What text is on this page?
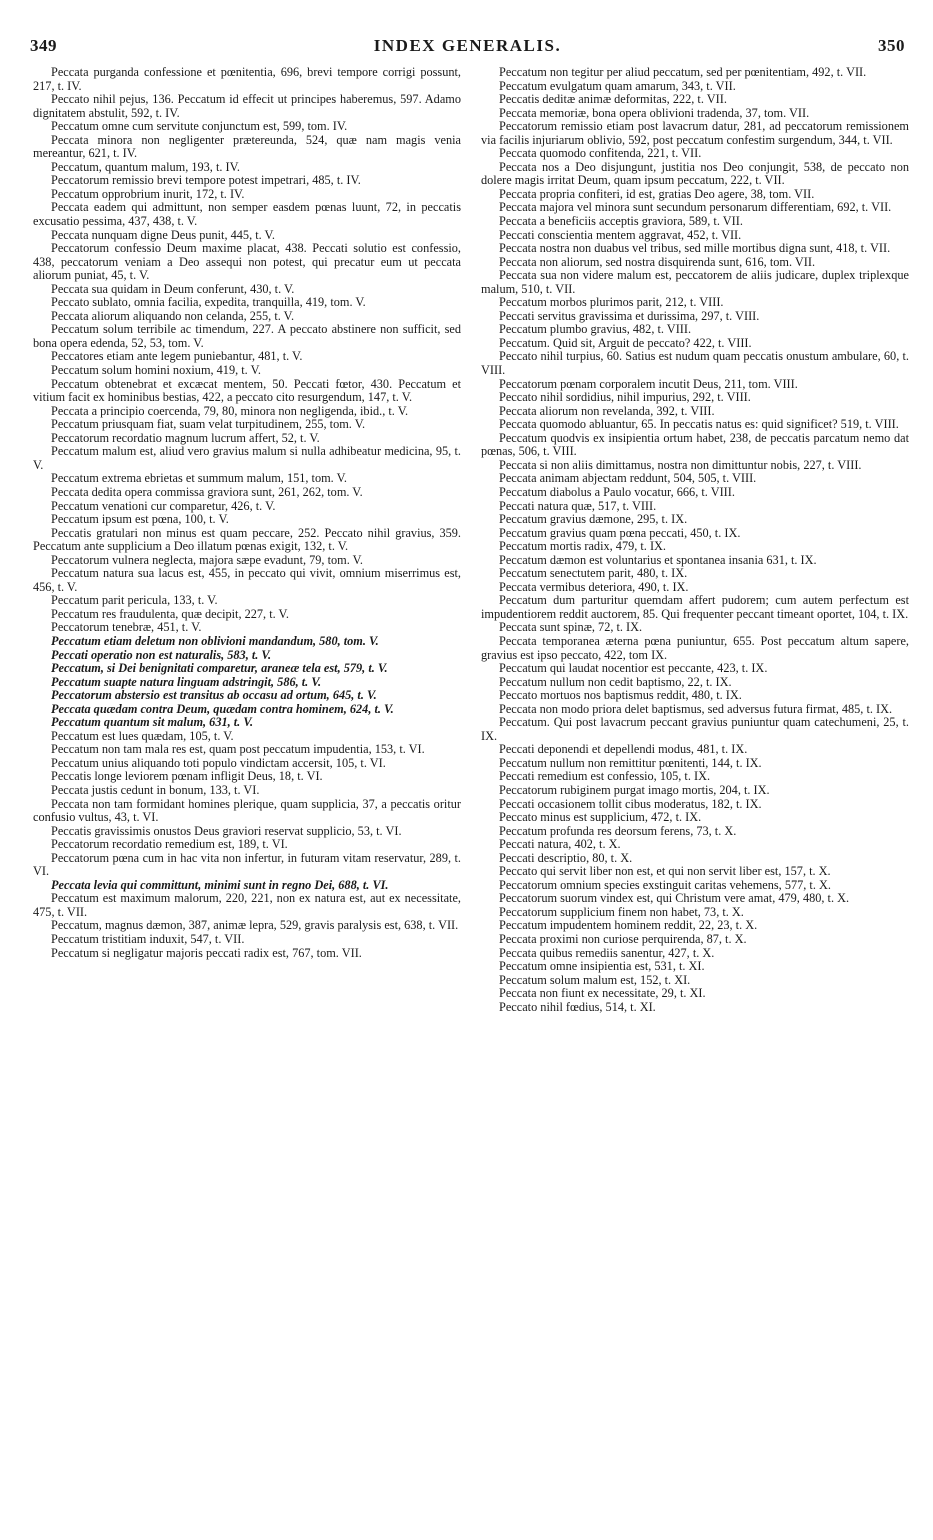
349	INDEX GENERALIS.	350

Peccata purganda confessione et pœnitentia, 696, brevi tempore corrigi possunt, 217, t. IV.

Peccato nihil pejus, 136. Peccatum id effecit ut principes haberemus, 597. Adamo dignitatem abstulit, 592, t. IV.

Peccatum omne cum servitute conjunctum est, 599, tom. IV.

Peccata minora non negligenter prætereunda, 524, quæ nam magis venia mereantur, 621, t. IV.

Peccatum, quantum malum, 193, t. IV.

Peccatorum remissio brevi tempore potest impetrari, 485, t. IV.

Peccatum opprobrium inurit, 172, t. IV.

Peccata eadem qui admittunt, non semper easdem pœnas luunt, 72, in peccatis excusatio pessima, 437, 438, t. V.

Peccata nunquam digne Deus punit, 445, t. V.

Peccatorum confessio Deum maxime placat, 438. Peccati solutio est confessio, 438, peccatorum veniam a Deo assequi non potest, qui precatur eum ut peccata aliorum puniat, 45, t. V.

Peccata sua quidam in Deum conferunt, 430, t. V.

Peccato sublato, omnia facilia, expedita, tranquilla, 419, tom. V.

Peccata aliorum aliquando non celanda, 255, t. V.

Peccatum solum terribile ac timendum, 227. A peccato abstinere non sufficit, sed bona opera edenda, 52, 53, tom. V.

Peccatores etiam ante legem puniebantur, 481, t. V.

Peccatum solum homini noxium, 419, t. V.

Peccatum obtenebrat et excæcat mentem, 50. Peccati fœtor, 430. Peccatum et vitium facit ex hominibus bestias, 422, a peccato cito resurgendum, 147, t. V.

Peccata a principio coercenda, 79, 80, minora non negligenda, ibid., t. V.

Peccatum priusquam fiat, suam velat turpitudinem, 255, tom. V.

Peccatorum recordatio magnum lucrum affert, 52, t. V.

Peccatum malum est, aliud vero gravius malum si nulla adhibeatur medicina, 95, t. V.

Peccatum extrema ebrietas et summum malum, 151, tom. V.

Peccata dedita opera commissa graviora sunt, 261, 262, tom. V.

Peccatum venationi cur comparetur, 426, t. V.

Peccatum ipsum est pœna, 100, t. V.

Peccatis gratulari non minus est quam peccare, 252. Peccato nihil gravius, 359. Peccatum ante supplicium a Deo illatum pœnas exigit, 132, t. V.

Peccatorum vulnera neglecta, majora sæpe evadunt, 79, tom. V.

Peccatum natura sua lacus est, 455, in peccato qui vivit, omnium miserrimus est, 456, t. V.

Peccatum parit pericula, 133, t. V.

Peccatum res fraudulenta, quæ decipit, 227, t. V.

Peccatorum tenebræ, 451, t. V.

Peccatum etiam deletum non oblivioni mandandum, 580, tom. V.

Peccati operatio non est naturalis, 583, t. V.

Peccatum, si Dei benignitati comparetur, araneæ tela est, 579, t. V.

Peccatum suapte natura linguam adstringit, 586, t. V.

Peccatorum abstersio est transitus ab occasu ad ortum, 645, t. V.

Peccata quædam contra Deum, quædam contra hominem, 624, t. V.

Peccatum quantum sit malum, 631, t. V.

Peccatum est lues quædam, 105, t. V.

Peccatum non tam mala res est, quam post peccatum impudentia, 153, t. VI.

Peccatum unius aliquando toti populo vindictam accersit, 105, t. VI.

Peccatis longe leviorem pœnam infligit Deus, 18, t. VI.

Peccata justis cedunt in bonum, 133, t. VI.

Peccata non tam formidant homines plerique, quam supplicia, 37, a peccatis oritur confusio vultus, 43, t. VI.

Peccatis gravissimis onustos Deus graviori reservat supplicio, 53, t. VI.

Peccatorum recordatio remedium est, 189, t. VI.

Peccatorum pœna cum in hac vita non infertur, in futuram vitam reservatur, 289, t. VI.

Peccata levia qui committunt, minimi sunt in regno Dei, 688, t. VI.

Peccatum est maximum malorum, 220, 221, non ex natura est, aut ex necessitate, 475, t. VII.

Peccatum, magnus dæmon, 387, animæ lepra, 529, gravis paralysis est, 638, t. VII.

Peccatum tristitiam induxit, 547, t. VII.

Peccatum si negligatur majoris peccati radix est, 767, tom. VII.

Peccatum non tegitur per aliud peccatum, sed per pœnitentiam, 492, t. VII.

Peccatum evulgatum quam amarum, 343, t. VII.

Peccatis deditæ animæ deformitas, 222, t. VII.

Peccata memoriæ, bona opera oblivioni tradenda, 37, tom. VII.

Peccatorum remissio etiam post lavacrum datur, 281, ad peccatorum remissionem via facilis injuriarum oblivio, 592, post peccatum confestim surgendum, 344, t. VII.

Peccata quomodo confitenda, 221, t. VII.

Peccata nos a Deo disjungunt, justitia nos Deo conjungit, 538, de peccato non dolere magis irritat Deum, quam ipsum peccatum, 222, t. VII.

Peccata propria confiteri, id est, gratias Deo agere, 38, tom. VII.

Peccata majora vel minora sunt secundum personarum differentiam, 692, t. VII.

Peccata a beneficiis acceptis graviora, 589, t. VII.

Peccati conscientia mentem aggravat, 452, t. VII.

Peccata nostra non duabus vel tribus, sed mille mortibus digna sunt, 418, t. VII.

Peccata non aliorum, sed nostra disquirenda sunt, 616, tom. VII.

Peccata sua non videre malum est, peccatorem de aliis judicare, duplex triplexque malum, 510, t. VII.

Peccatum morbos plurimos parit, 212, t. VIII.

Peccati servitus gravissima et durissima, 297, t. VIII.

Peccatum plumbo gravius, 482, t. VIII.

Peccatum. Quid sit, Arguit de peccato? 422, t. VIII.

Peccato nihil turpius, 60. Satius est nudum quam peccatis onustum ambulare, 60, t. VIII.

Peccatorum pœnam corporalem incutit Deus, 211, tom. VIII.

Peccato nihil sordidius, nihil impurius, 292, t. VIII.

Peccata aliorum non revelanda, 392, t. VIII.

Peccata quomodo abluantur, 65. In peccatis natus es: quid significet? 519, t. VIII.

Peccatum quodvis ex insipientia ortum habet, 238, de peccatis parcatum nemo dat pœnas, 506, t. VIII.

Peccata si non aliis dimittamus, nostra non dimittuntur nobis, 227, t. VIII.

Peccata animam abjectam reddunt, 504, 505, t. VIII.

Peccatum diabolus a Paulo vocatur, 666, t. VIII.

Peccati natura quæ, 517, t. VIII.

Peccatum gravius dæmone, 295, t. IX.

Peccatum gravius quam pœna peccati, 450, t. IX.

Peccatum mortis radix, 479, t. IX.

Peccatum dæmon est voluntarius et spontanea insania 631, t. IX.

Peccatum senectutem parit, 480, t. IX.

Peccata vermibus deteriora, 490, t. IX.

Peccatum dum parturitur quemdam affert pudorem; cum autem perfectum est impudentiorem reddit auctorem, 85. Qui frequenter peccant timeant oportet, 104, t. IX.

Peccata sunt spinæ, 72, t. IX.

Peccata temporanea æterna pœna puniuntur, 655. Post peccatum altum sapere, gravius est ipso peccato, 422, tom IX.

Peccatum qui laudat nocentior est peccante, 423, t. IX.

Peccatum nullum non cedit baptismo, 22, t. IX.

Peccato mortuos nos baptismus reddit, 480, t. IX.

Peccata non modo priora delet baptismus, sed adversus futura firmat, 485, t. IX.

Peccatum. Qui post lavacrum peccant gravius puniuntur quam catechumeni, 25, t. IX.

Peccati deponendi et depellendi modus, 481, t. IX.

Peccatum nullum non remittitur pœnitenti, 144, t. IX.

Peccati remedium est confessio, 105, t. IX.

Peccatorum rubiginem purgat imago mortis, 204, t. IX.

Peccati occasionem tollit cibus moderatus, 182, t. IX.

Peccato minus est supplicium, 472, t. IX.

Peccatum profunda res deorsum ferens, 73, t. X.

Peccati natura, 402, t. X.

Peccati descriptio, 80, t. X.

Peccato qui servit liber non est, et qui non servit liber est, 157, t. X.

Peccatorum omnium species exstinguit caritas vehemens, 577, t. X.

Peccatorum suorum vindex est, qui Christum vere amat, 479, 480, t. X.

Peccatorum supplicium finem non habet, 73, t. X.

Peccatum impudentem hominem reddit, 22, 23, t. X.

Peccata proximi non curiose perquirenda, 87, t. X.

Peccata quibus remediis sanentur, 427, t. X.

Peccatum omne insipientia est, 531, t. XI.

Peccatum solum malum est, 152, t. XI.

Peccata non fiunt ex necessitate, 29, t. XI.

Peccato nihil fœdius, 514, t. XI.
